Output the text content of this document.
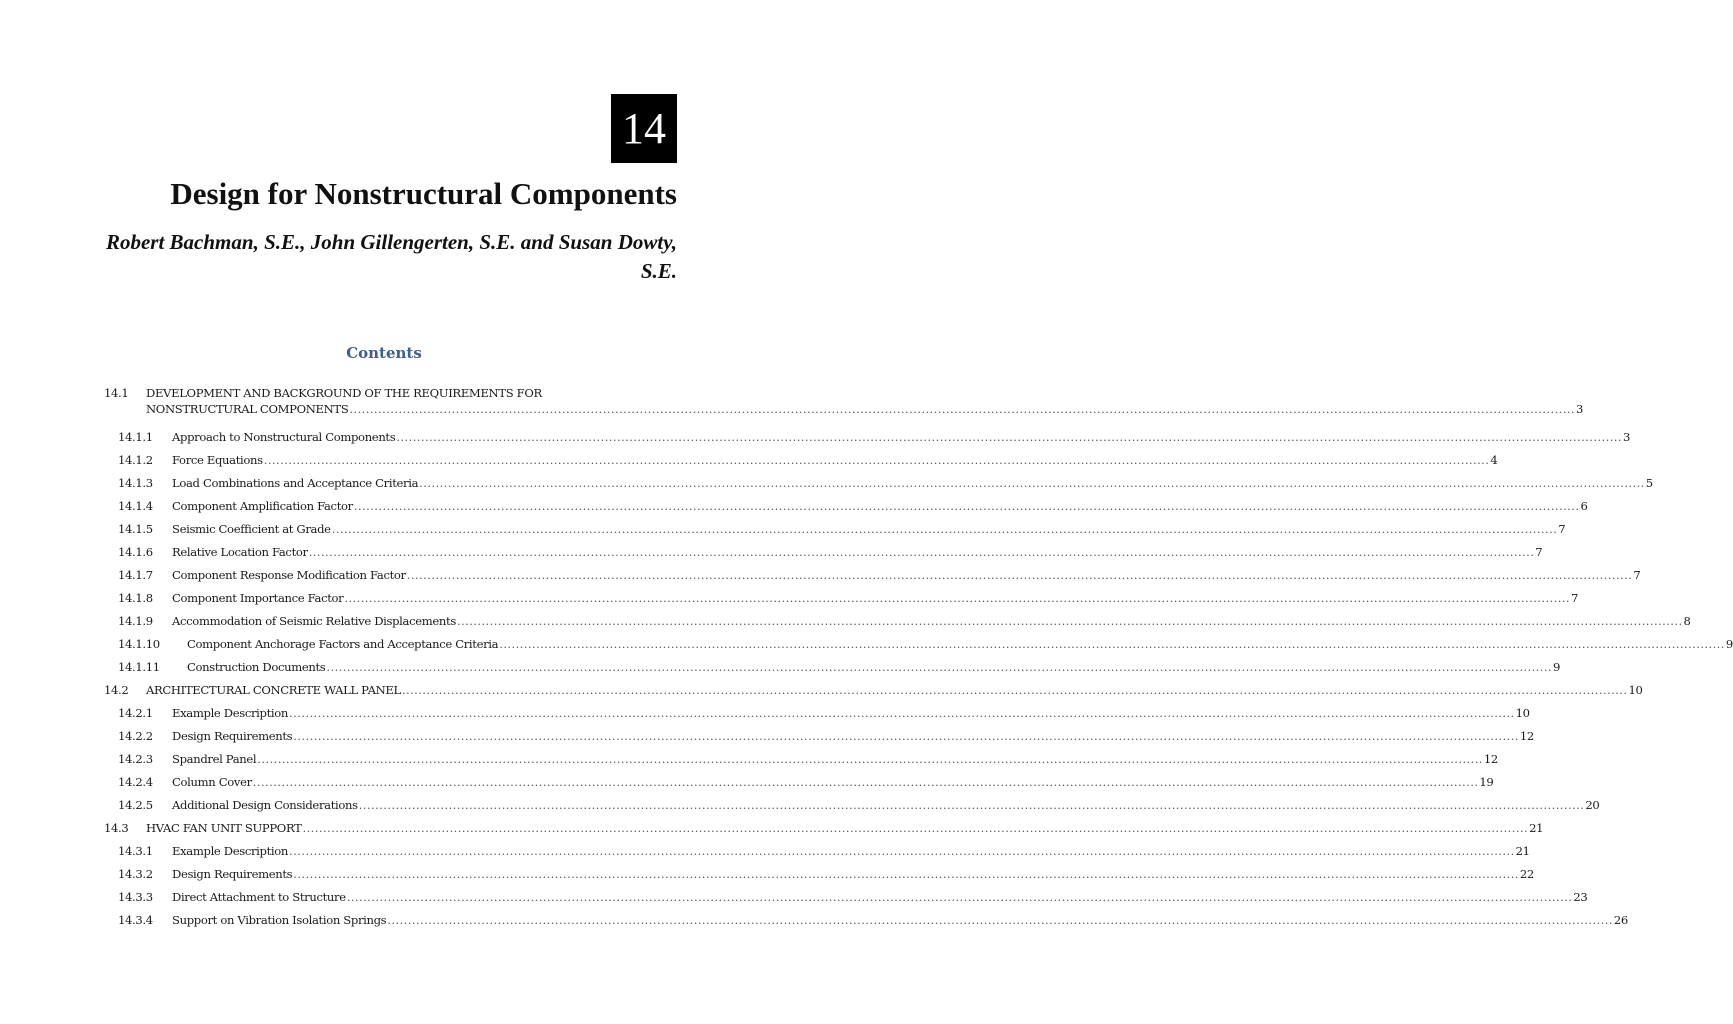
14
Design for Nonstructural Components
Robert Bachman, S.E., John Gillengerten, S.E. and Susan Dowty, S.E.
Contents
14.1 DEVELOPMENT AND BACKGROUND OF THE REQUIREMENTS FOR
NONSTRUCTURAL COMPONENTS ............................................................................................................................................................................................................................................................................................................ 3
14.1.1 Approach to Nonstructural Components ............................................................................................................................................................................................................................................................................................................ 3
14.1.2 Force Equations ............................................................................................................................................................................................................................................................................................................ 4
14.1.3 Load Combinations and Acceptance Criteria ............................................................................................................................................................................................................................................................................................................ 5
14.1.4 Component Amplification Factor ............................................................................................................................................................................................................................................................................................................ 6
14.1.5 Seismic Coefficient at Grade ............................................................................................................................................................................................................................................................................................................ 7
14.1.6 Relative Location Factor ............................................................................................................................................................................................................................................................................................................ 7
14.1.7 Component Response Modification Factor ............................................................................................................................................................................................................................................................................................................ 7
14.1.8 Component Importance Factor ............................................................................................................................................................................................................................................................................................................ 7
14.1.9 Accommodation of Seismic Relative Displacements ............................................................................................................................................................................................................................................................................................................ 8
14.1.10 Component Anchorage Factors and Acceptance Criteria ............................................................................................................................................................................................................................................................................................................ 9
14.1.11 Construction Documents ............................................................................................................................................................................................................................................................................................................ 9
14.2 ARCHITECTURAL CONCRETE WALL PANEL ............................................................................................................................................................................................................................................................................................................ 10
14.2.1 Example Description ............................................................................................................................................................................................................................................................................................................ 10
14.2.2 Design Requirements ............................................................................................................................................................................................................................................................................................................ 12
14.2.3 Spandrel Panel ............................................................................................................................................................................................................................................................................................................ 12
14.2.4 Column Cover ............................................................................................................................................................................................................................................................................................................ 19
14.2.5 Additional Design Considerations ............................................................................................................................................................................................................................................................................................................ 20
14.3 HVAC FAN UNIT SUPPORT ............................................................................................................................................................................................................................................................................................................ 21
14.3.1 Example Description ............................................................................................................................................................................................................................................................................................................ 21
14.3.2 Design Requirements ............................................................................................................................................................................................................................................................................................................ 22
14.3.3 Direct Attachment to Structure ............................................................................................................................................................................................................................................................................................................ 23
14.3.4 Support on Vibration Isolation Springs ............................................................................................................................................................................................................................................................................................................ 26
